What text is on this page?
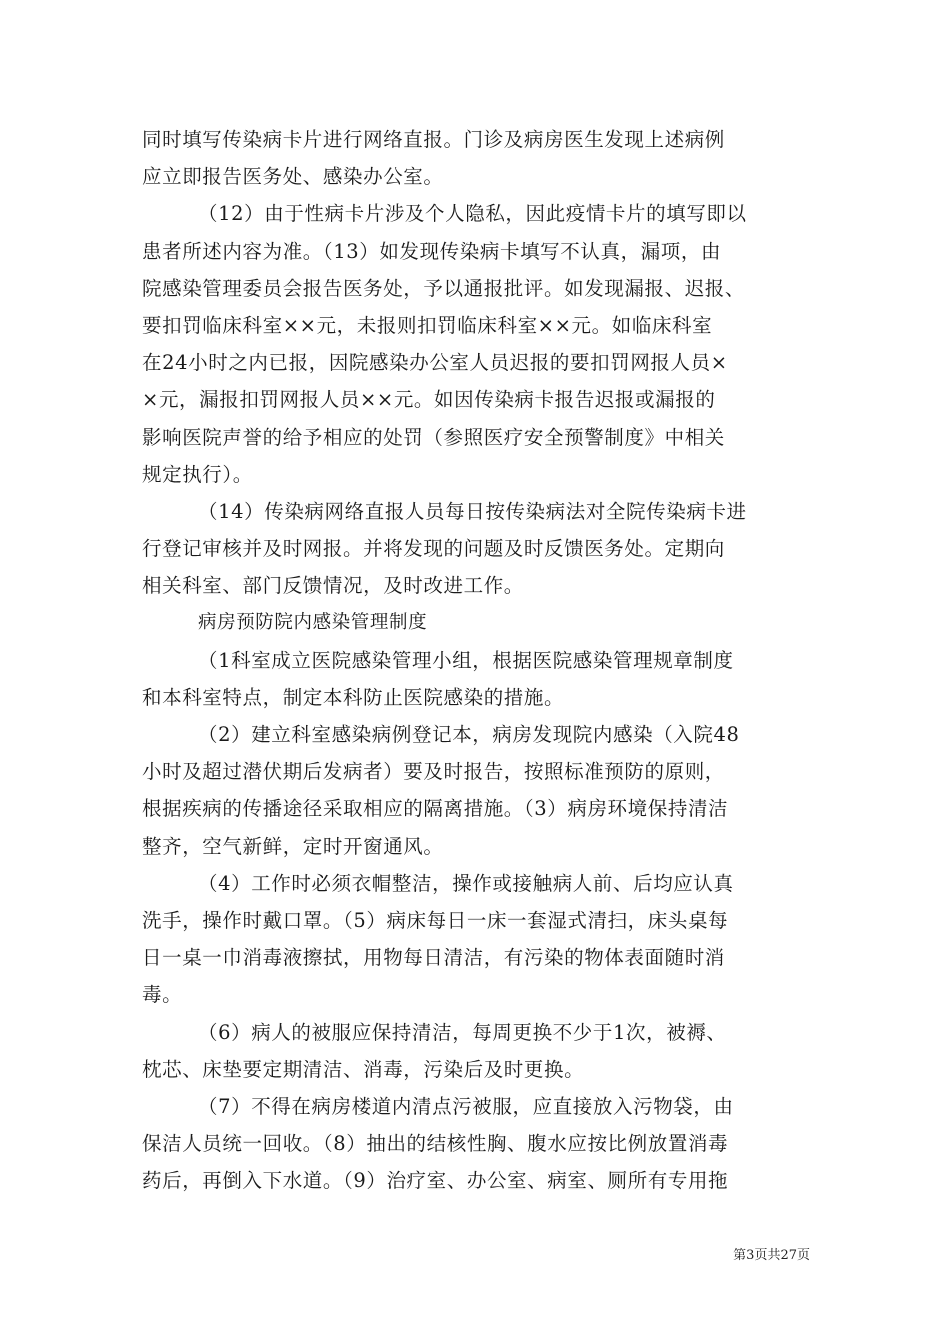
同时填写传染病卡片进行网络直报。门诊及病房医生发现上述病例
应立即报告医务处、感染办公室。
（12）由于性病卡片涉及个人隐私，因此疫情卡片的填写即以
患者所述内容为准。（13）如发现传染病卡填写不认真，漏项，由
院感染管理委员会报告医务处，予以通报批评。如发现漏报、迟报、
要扣罚临床科室××元，未报则扣罚临床科室××元。如临床科室
在24小时之内已报，因院感染办公室人员迟报的要扣罚网报人员×
×元，漏报扣罚网报人员××元。如因传染病卡报告迟报或漏报的
影响医院声誉的给予相应的处罚（参照医疗安全预警制度》中相关
规定执行）。
（14）传染病网络直报人员每日按传染病法对全院传染病卡进
行登记审核并及时网报。并将发现的问题及时反馈医务处。定期向
相关科室、部门反馈情况，及时改进工作。
病房预防院内感染管理制度
（1科室成立医院感染管理小组，根据医院感染管理规章制度
和本科室特点，制定本科防止医院感染的措施。
（2）建立科室感染病例登记本，病房发现院内感染（入院48
小时及超过潜伏期后发病者）要及时报告，按照标准预防的原则，
根据疾病的传播途径采取相应的隔离措施。（3）病房环境保持清洁
整齐，空气新鲜，定时开窗通风。
（4）工作时必须衣帽整洁，操作或接触病人前、后均应认真
洗手，操作时戴口罩。（5）病床每日一床一套湿式清扫，床头桌每
日一桌一巾消毒液擦拭，用物每日清洁，有污染的物体表面随时消
毒。
（6）病人的被服应保持清洁，每周更换不少于1次，被褥、
枕芯、床垫要定期清洁、消毒，污染后及时更换。
（7）不得在病房楼道内清点污被服，应直接放入污物袋，由
保洁人员统一回收。（8）抽出的结核性胸、腹水应按比例放置消毒
药后，再倒入下水道。（9）治疗室、办公室、病室、厕所有专用拖
第3页共27页
